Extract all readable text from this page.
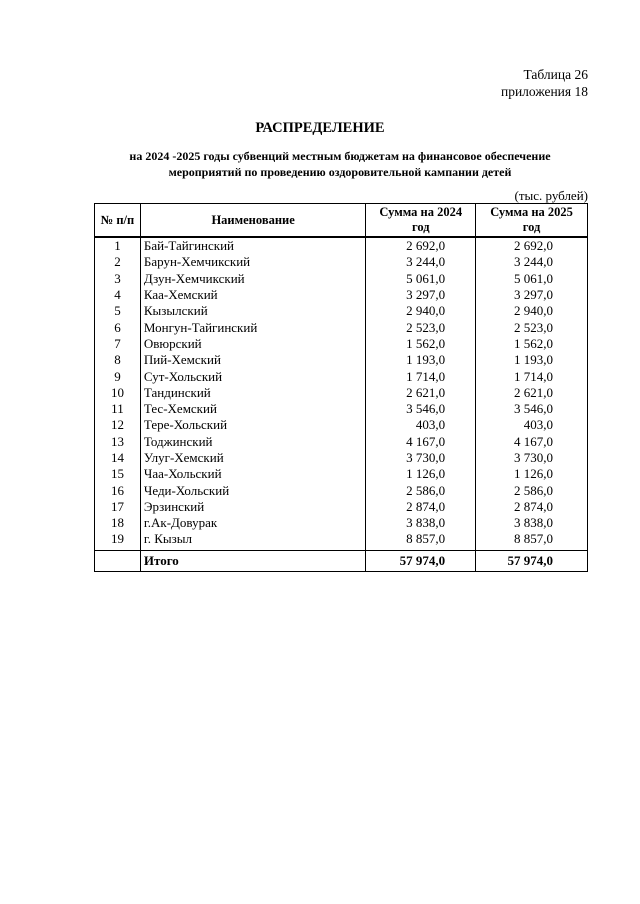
Таблица 26
приложения 18
РАСПРЕДЕЛЕНИЕ
на 2024 -2025 годы субвенций местным бюджетам на финансовое обеспечение
мероприятий по проведению оздоровительной кампании детей
(тыс. рублей)
№ п/п	Наименование	Сумма на 2024 год	Сумма на 2025 год
1	Бай-Тайгинский	2 692,0	2 692,0
2	Барун-Хемчикский	3 244,0	3 244,0
3	Дзун-Хемчикский	5 061,0	5 061,0
4	Каа-Хемский	3 297,0	3 297,0
5	Кызылский	2 940,0	2 940,0
6	Монгун-Тайгинский	2 523,0	2 523,0
7	Овюрский	1 562,0	1 562,0
8	Пий-Хемский	1 193,0	1 193,0
9	Сут-Хольский	1 714,0	1 714,0
10	Тандинский	2 621,0	2 621,0
11	Тес-Хемский	3 546,0	3 546,0
12	Тере-Хольский	403,0	403,0
13	Тоджинский	4 167,0	4 167,0
14	Улуг-Хемский	3 730,0	3 730,0
15	Чаа-Хольский	1 126,0	1 126,0
16	Чеди-Хольский	2 586,0	2 586,0
17	Эрзинский	2 874,0	2 874,0
18	г.Ак-Довурак	3 838,0	3 838,0
19	г. Кызыл	8 857,0	8 857,0
	Итого	57 974,0	57 974,0
